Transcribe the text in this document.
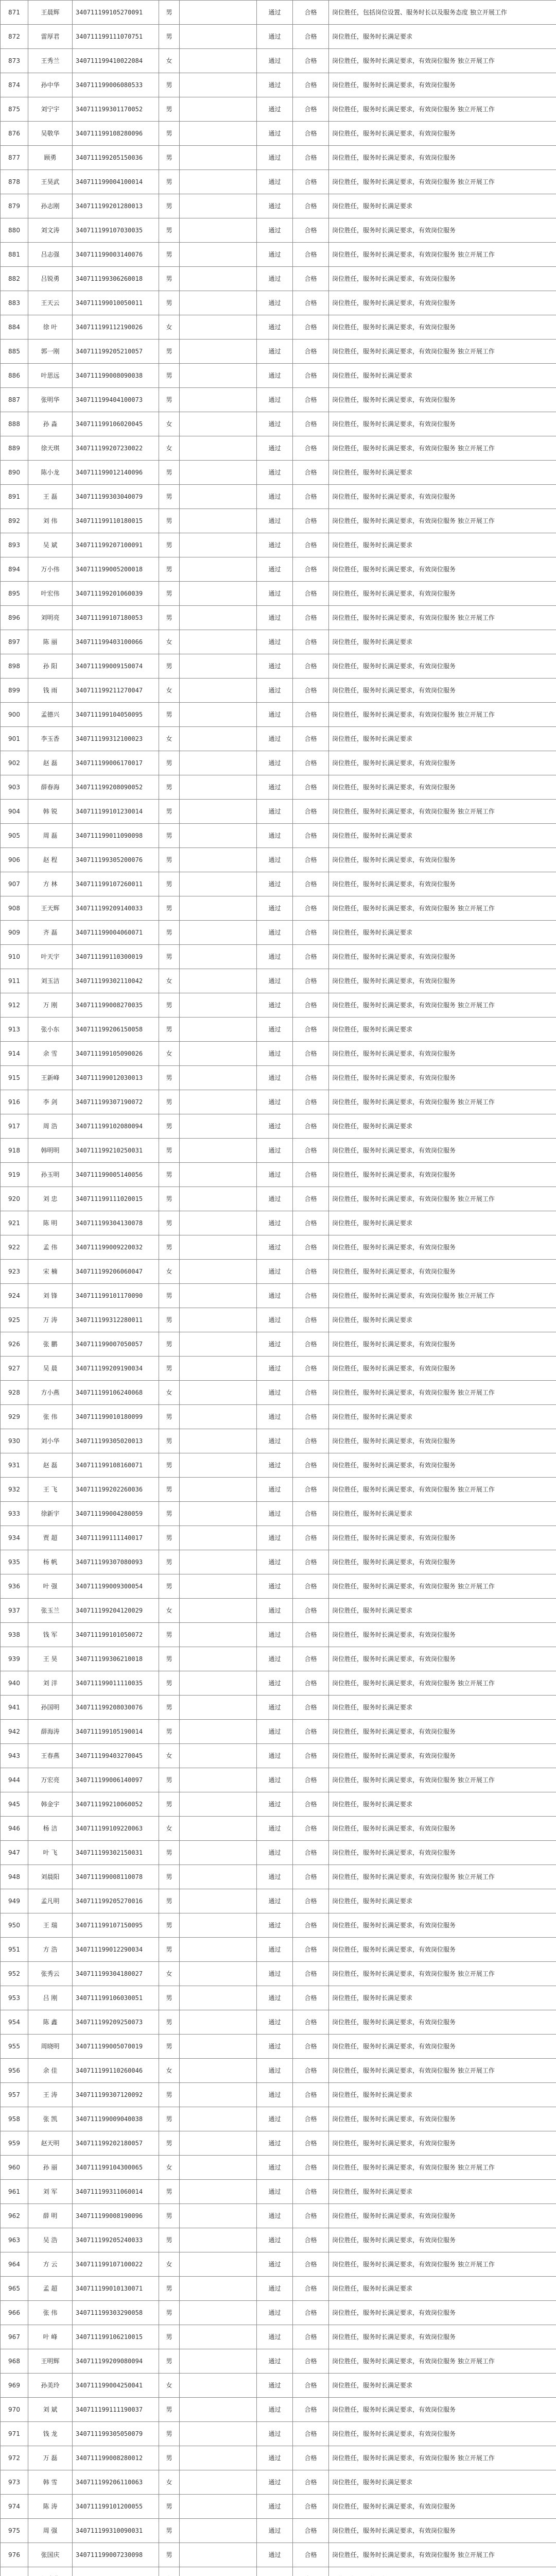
871	王晨辉	340711199105270091	男		通过	合格	岗位胜任，包括岗位设置、服务时长以及服务态度 独立开展工作
872	雷厚君	340711199111070751	男		通过	合格	岗位胜任，服务时长满足要求
873	王秀兰	340711199410022084	女		通过	合格	岗位胜任，服务时长满足要求，有效岗位服务 独立开展工作
874	孙中华	340711199006080533	男		通过	合格	岗位胜任，服务时长满足要求，有效岗位服务
875	刘宁宇	340711199301170052	男		通过	合格	岗位胜任，服务时长满足要求，有效岗位服务 独立开展工作
876	吴敬华	340711199108280096	男		通过	合格	岗位胜任，服务时长满足要求，有效岗位服务
877	顾勇	340711199205150036	男		通过	合格	岗位胜任，服务时长满足要求，有效岗位服务
878	王昊武	340711199004100014	男		通过	合格	岗位胜任，服务时长满足要求，有效岗位服务 独立开展工作
879	孙志刚	340711199201280013	男		通过	合格	岗位胜任，服务时长满足要求
880	刘文涛	340711199107030035	男		通过	合格	岗位胜任，服务时长满足要求，有效岗位服务
881	吕志强	340711199003140076	男		通过	合格	岗位胜任，服务时长满足要求，有效岗位服务 独立开展工作
882	吕锐勇	340711199306260018	男		通过	合格	岗位胜任，服务时长满足要求，有效岗位服务
883	王天云	340711199010050011	男		通过	合格	岗位胜任，服务时长满足要求，有效岗位服务
884	徐 叶	340711199112190026	女		通过	合格	岗位胜任，服务时长满足要求，有效岗位服务
885	郭一刚	340711199205210057	男		通过	合格	岗位胜任，服务时长满足要求，有效岗位服务 独立开展工作
886	叶思远	340711199008090038	男		通过	合格	岗位胜任，服务时长满足要求
887	张明华	340711199404100073	男		通过	合格	岗位胜任，服务时长满足要求，有效岗位服务
888	孙 淼	340711199106020045	女		通过	合格	岗位胜任，服务时长满足要求，有效岗位服务
889	徐天琪	340711199207230022	女		通过	合格	岗位胜任，服务时长满足要求，有效岗位服务 独立开展工作
890	陈小龙	340711199012140096	男		通过	合格	岗位胜任，服务时长满足要求
891	王 磊	340711199303040079	男		通过	合格	岗位胜任，服务时长满足要求，有效岗位服务
892	刘 伟	340711199110180015	男		通过	合格	岗位胜任，服务时长满足要求，有效岗位服务 独立开展工作
893	吴 斌	340711199207100091	男		通过	合格	岗位胜任，服务时长满足要求
894	万小伟	340711199005200018	男		通过	合格	岗位胜任，服务时长满足要求，有效岗位服务
895	叶宏伟	340711199201060039	男		通过	合格	岗位胜任，服务时长满足要求，有效岗位服务
896	刘明亮	340711199107180053	男		通过	合格	岗位胜任，服务时长满足要求，有效岗位服务 独立开展工作
897	陈 丽	340711199403100066	女		通过	合格	岗位胜任，服务时长满足要求
898	孙 阳	340711199009150074	男		通过	合格	岗位胜任，服务时长满足要求，有效岗位服务
899	钱 雨	340711199211270047	女		通过	合格	岗位胜任，服务时长满足要求，有效岗位服务
900	孟德兴	340711199104050095	男		通过	合格	岗位胜任，服务时长满足要求，有效岗位服务 独立开展工作
901	李玉香	340711199312100023	女		通过	合格	岗位胜任，服务时长满足要求
902	赵 磊	340711199006170017	男		通过	合格	岗位胜任，服务时长满足要求，有效岗位服务
903	薛春海	340711199208090052	男		通过	合格	岗位胜任，服务时长满足要求，有效岗位服务
904	韩 锐	340711199101230014	男		通过	合格	岗位胜任，服务时长满足要求，有效岗位服务 独立开展工作
905	周 磊	340711199011090098	男		通过	合格	岗位胜任，服务时长满足要求
906	赵 程	340711199305200076	男		通过	合格	岗位胜任，服务时长满足要求，有效岗位服务
907	方 林	340711199107260011	男		通过	合格	岗位胜任，服务时长满足要求，有效岗位服务
908	王天辉	340711199209140033	男		通过	合格	岗位胜任，服务时长满足要求，有效岗位服务 独立开展工作
909	齐 磊	340711199004060071	男		通过	合格	岗位胜任，服务时长满足要求
910	叶天宇	340711199110300019	男		通过	合格	岗位胜任，服务时长满足要求，有效岗位服务
911	刘玉洁	340711199302110042	女		通过	合格	岗位胜任，服务时长满足要求，有效岗位服务
912	万 刚	340711199008270035	男		通过	合格	岗位胜任，服务时长满足要求，有效岗位服务 独立开展工作
913	张小东	340711199206150058	男		通过	合格	岗位胜任，服务时长满足要求
914	余 雪	340711199105090026	女		通过	合格	岗位胜任，服务时长满足要求，有效岗位服务
915	王新峰	340711199012030013	男		通过	合格	岗位胜任，服务时长满足要求，有效岗位服务
916	李 剑	340711199307190072	男		通过	合格	岗位胜任，服务时长满足要求，有效岗位服务 独立开展工作
917	周 浩	340711199102080094	男		通过	合格	岗位胜任，服务时长满足要求
918	韩明明	340711199210250031	男		通过	合格	岗位胜任，服务时长满足要求，有效岗位服务
919	孙玉明	340711199005140056	男		通过	合格	岗位胜任，服务时长满足要求，有效岗位服务
920	刘 忠	340711199111020015	男		通过	合格	岗位胜任，服务时长满足要求，有效岗位服务 独立开展工作
921	陈 明	340711199304130078	男		通过	合格	岗位胜任，服务时长满足要求
922	孟 伟	340711199009220032	男		通过	合格	岗位胜任，服务时长满足要求，有效岗位服务
923	宋 楠	340711199206060047	女		通过	合格	岗位胜任，服务时长满足要求，有效岗位服务
924	刘 锋	340711199101170090	男		通过	合格	岗位胜任，服务时长满足要求，有效岗位服务 独立开展工作
925	万 涛	340711199312280011	男		通过	合格	岗位胜任，服务时长满足要求
926	张 鹏	340711199007050057	男		通过	合格	岗位胜任，服务时长满足要求，有效岗位服务
927	吴 晨	340711199209190034	男		通过	合格	岗位胜任，服务时长满足要求，有效岗位服务
928	方小燕	340711199106240068	女		通过	合格	岗位胜任，服务时长满足要求，有效岗位服务 独立开展工作
929	张 伟	340711199010180099	男		通过	合格	岗位胜任，服务时长满足要求
930	刘小华	340711199305020013	男		通过	合格	岗位胜任，服务时长满足要求，有效岗位服务
931	赵 磊	340711199108160071	男		通过	合格	岗位胜任，服务时长满足要求，有效岗位服务
932	王 飞	340711199202260036	男		通过	合格	岗位胜任，服务时长满足要求，有效岗位服务 独立开展工作
933	徐新宇	340711199004280059	男		通过	合格	岗位胜任，服务时长满足要求
934	贾 超	340711199111140017	男		通过	合格	岗位胜任，服务时长满足要求，有效岗位服务
935	杨 帆	340711199307080093	男		通过	合格	岗位胜任，服务时长满足要求，有效岗位服务
936	叶 强	340711199009300054	男		通过	合格	岗位胜任，服务时长满足要求，有效岗位服务 独立开展工作
937	张玉兰	340711199204120029	女		通过	合格	岗位胜任，服务时长满足要求
938	钱 军	340711199101050072	男		通过	合格	岗位胜任，服务时长满足要求，有效岗位服务
939	王 昊	340711199306210018	男		通过	合格	岗位胜任，服务时长满足要求，有效岗位服务
940	刘 洋	340711199011110035	男		通过	合格	岗位胜任，服务时长满足要求，有效岗位服务 独立开展工作
941	孙国明	340711199208030076	男		通过	合格	岗位胜任，服务时长满足要求
942	薛海涛	340711199105190014	男		通过	合格	岗位胜任，服务时长满足要求，有效岗位服务
943	王春燕	340711199403270045	女		通过	合格	岗位胜任，服务时长满足要求，有效岗位服务
944	万宏亮	340711199006140097	男		通过	合格	岗位胜任，服务时长满足要求，有效岗位服务 独立开展工作
945	韩金宇	340711199210060052	男		通过	合格	岗位胜任，服务时长满足要求
946	杨 洁	340711199109220063	女		通过	合格	岗位胜任，服务时长满足要求，有效岗位服务
947	叶 飞	340711199302150031	男		通过	合格	岗位胜任，服务时长满足要求，有效岗位服务
948	刘晨阳	340711199008110078	男		通过	合格	岗位胜任，服务时长满足要求，有效岗位服务 独立开展工作
949	孟凡明	340711199205270016	男		通过	合格	岗位胜任，服务时长满足要求
950	王 瑞	340711199107150095	男		通过	合格	岗位胜任，服务时长满足要求，有效岗位服务
951	方 浩	340711199012290034	男		通过	合格	岗位胜任，服务时长满足要求，有效岗位服务
952	张秀云	340711199304180027	女		通过	合格	岗位胜任，服务时长满足要求，有效岗位服务 独立开展工作
953	吕 刚	340711199106030051	男		通过	合格	岗位胜任，服务时长满足要求
954	陈 鑫	340711199209250073	男		通过	合格	岗位胜任，服务时长满足要求，有效岗位服务
955	周晓明	340711199005070019	男		通过	合格	岗位胜任，服务时长满足要求，有效岗位服务
956	余 佳	340711199110260046	女		通过	合格	岗位胜任，服务时长满足要求，有效岗位服务 独立开展工作
957	王 涛	340711199307120092	男		通过	合格	岗位胜任，服务时长满足要求
958	张 凯	340711199009040038	男		通过	合格	岗位胜任，服务时长满足要求，有效岗位服务
959	赵天明	340711199202180057	男		通过	合格	岗位胜任，服务时长满足要求，有效岗位服务
960	孙 丽	340711199104300065	女		通过	合格	岗位胜任，服务时长满足要求，有效岗位服务 独立开展工作
961	刘 军	340711199311060014	男		通过	合格	岗位胜任，服务时长满足要求
962	薛 明	340711199008190096	男		通过	合格	岗位胜任，服务时长满足要求，有效岗位服务
963	吴 浩	340711199205240033	男		通过	合格	岗位胜任，服务时长满足要求，有效岗位服务
964	方 云	340711199107100022	女		通过	合格	岗位胜任，服务时长满足要求，有效岗位服务 独立开展工作
965	孟 超	340711199010130071	男		通过	合格	岗位胜任，服务时长满足要求
966	张 伟	340711199303290058	男		通过	合格	岗位胜任，服务时长满足要求，有效岗位服务
967	叶 峰	340711199106210015	男		通过	合格	岗位胜任，服务时长满足要求，有效岗位服务
968	王明辉	340711199209080094	男		通过	合格	岗位胜任，服务时长满足要求，有效岗位服务 独立开展工作
969	孙美玲	340711199004250041	女		通过	合格	岗位胜任，服务时长满足要求
970	刘 斌	340711199111190037	男		通过	合格	岗位胜任，服务时长满足要求，有效岗位服务
971	钱 龙	340711199305050079	男		通过	合格	岗位胜任，服务时长满足要求，有效岗位服务
972	万 磊	340711199008280012	男		通过	合格	岗位胜任，服务时长满足要求，有效岗位服务 独立开展工作
973	韩 雪	340711199206110063	女		通过	合格	岗位胜任，服务时长满足要求
974	陈 涛	340711199101200055	男		通过	合格	岗位胜任，服务时长满足要求，有效岗位服务
975	周 强	340711199310090031	男		通过	合格	岗位胜任，服务时长满足要求，有效岗位服务
976	张国庆	340711199007230098	男		通过	合格	岗位胜任，服务时长满足要求，有效岗位服务 独立开展工作
